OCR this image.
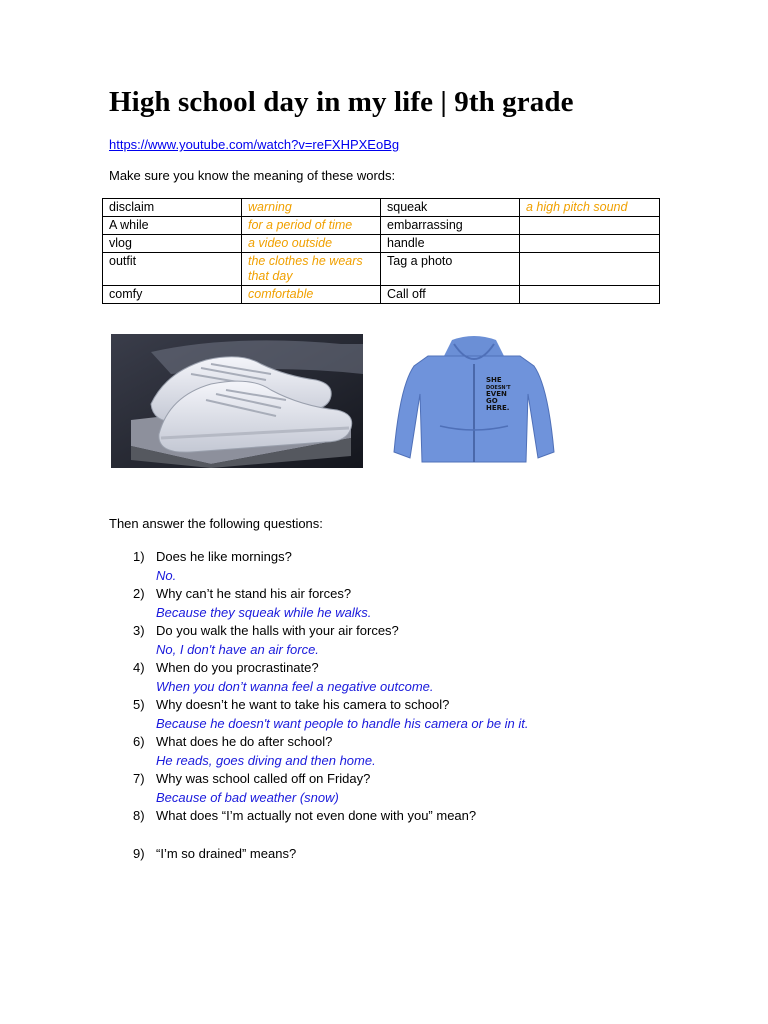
High school day in my life | 9th grade
https://www.youtube.com/watch?v=reFXHPXEoBg
Make sure you know the meaning of these words:
disclaim	warning	squeak	a high pitch sound
A while	for a period of time	embarrassing	
vlog	a video outside	handle	
outfit	the clothes he wears that day	Tag a photo	
comfy	comfortable	Call off	
SHE DOESN'T EVEN GO HERE.
Then answer the following questions:
1) Does he like mornings?
No.
2) Why can’t he stand his air forces?
Because they squeak while he walks.
3) Do you walk the halls with your air forces?
No, I don't have an air force.
4) When do you procrastinate?
When you don’t wanna feel a negative outcome.
5) Why doesn’t he want to take his camera to school?
Because he doesn't want people to handle his camera or be in it.
6) What does he do after school?
He reads, goes diving and then home.
7) Why was school called off on Friday?
Because of bad weather (snow)
8) What does “I’m actually not even done with you” mean?
9) “I’m so drained” means?
